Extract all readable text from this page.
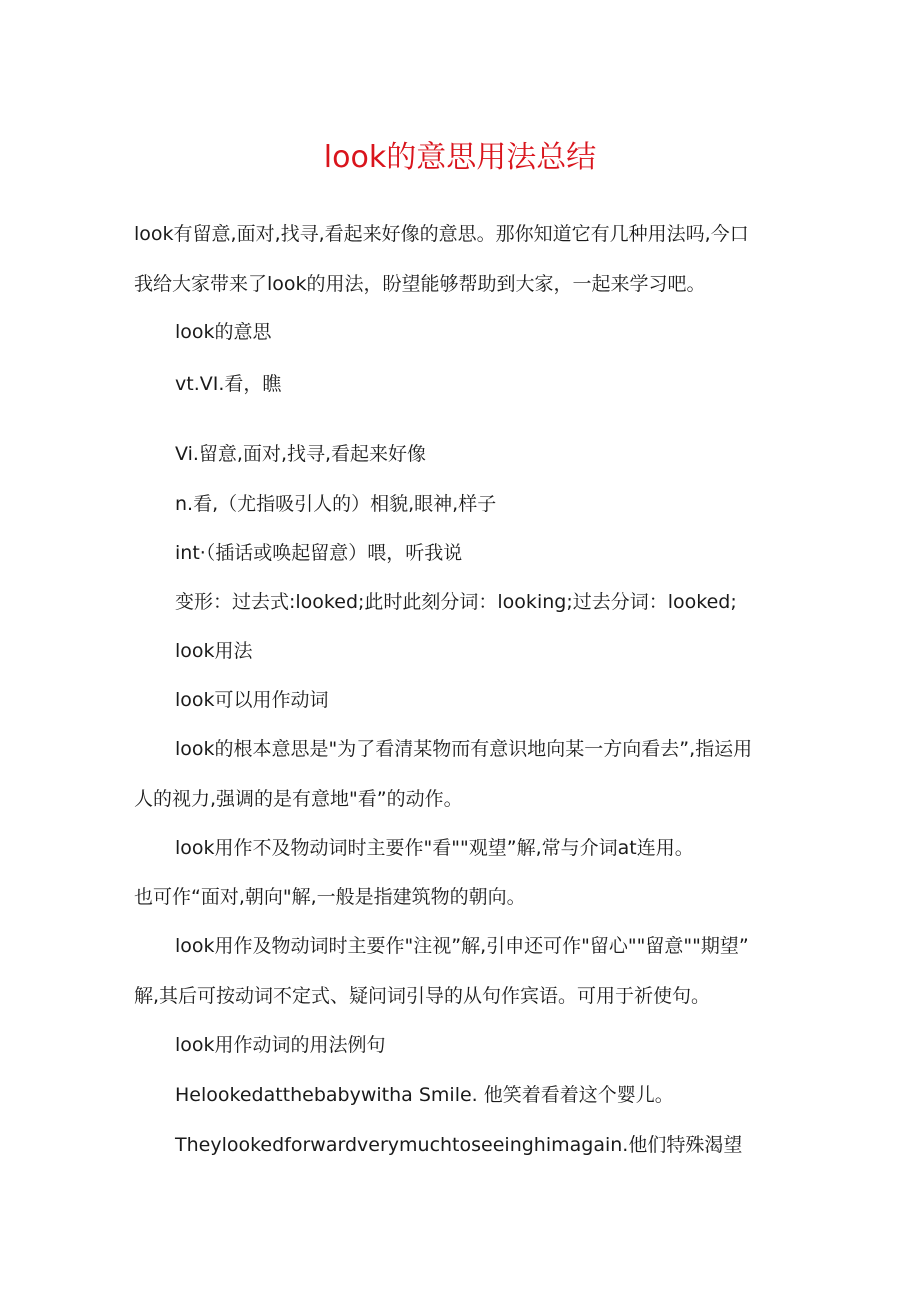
look的意思用法总结

look有留意,面对,找寻,看起来好像的意思。那你知道它有几种用法吗,今口

我给大家带来了look的用法，盼望能够帮助到大家，一起来学习吧。

look的意思

vt.VI.看，瞧

Vi.留意,面对,找寻,看起来好像

n.看,（尤指吸引人的）相貌,眼神,样子

int·（插话或唤起留意）喂，听我说

变形：过去式:looked;此时此刻分词：looking;过去分词：looked;

look用法

look可以用作动词

look的根本意思是"为了看清某物而有意识地向某一方向看去”,指运用

人的视力,强调的是有意地"看”的动作。

look用作不及物动词时主要作"看""观望”解,常与介词at连用。

也可作“面对,朝向"解,一般是指建筑物的朝向。

look用作及物动词时主要作"注视”解,引申还可作"留心""留意""期望”

解,其后可按动词不定式、疑问词引导的从句作宾语。可用于祈使句。

look用作动词的用法例句

Helookedatthebabywitha Smile. 他笑着看着这个婴儿。

Theylookedforwardverymuchtoseeinghimagain.他们特殊渴望
